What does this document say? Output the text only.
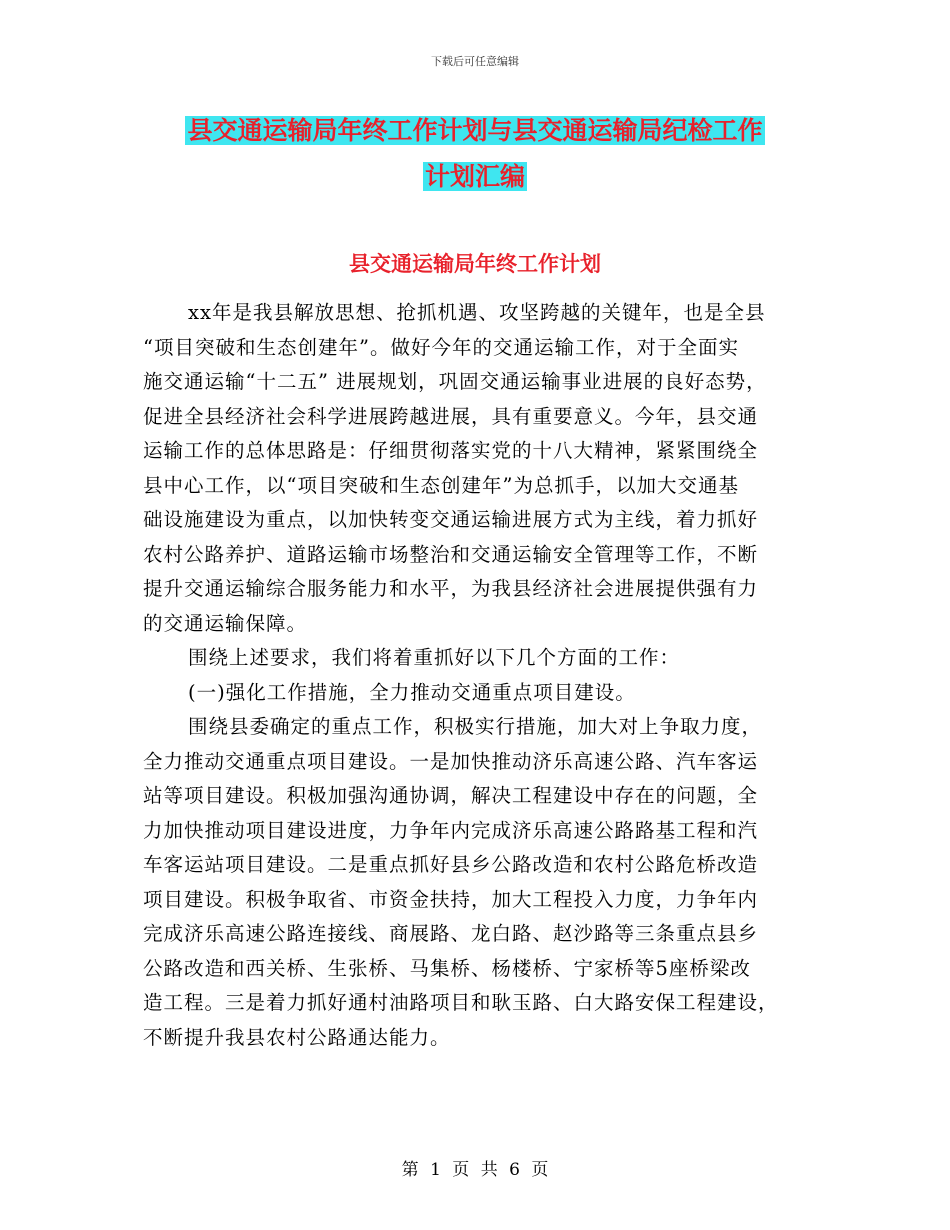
下载后可任意编辑
县交通运输局年终工作计划与县交通运输局纪检工作
计划汇编
县交通运输局年终工作计划
xx年是我县解放思想、抢抓机遇、攻坚跨越的关键年，也是全县
“项目突破和生态创建年”。做好今年的交通运输工作，对于全面实
施交通运输“十二五” 进展规划，巩固交通运输事业进展的良好态势，
促进全县经济社会科学进展跨越进展，具有重要意义。今年，县交通
运输工作的总体思路是：仔细贯彻落实党的十八大精神，紧紧围绕全
县中心工作，以“项目突破和生态创建年”为总抓手，以加大交通基
础设施建设为重点，以加快转变交通运输进展方式为主线，着力抓好
农村公路养护、道路运输市场整治和交通运输安全管理等工作，不断
提升交通运输综合服务能力和水平，为我县经济社会进展提供强有力
的交通运输保障。
围绕上述要求，我们将着重抓好以下几个方面的工作：
(一)强化工作措施，全力推动交通重点项目建设。
围绕县委确定的重点工作，积极实行措施，加大对上争取力度，
全力推动交通重点项目建设。一是加快推动济乐高速公路、汽车客运
站等项目建设。积极加强沟通协调，解决工程建设中存在的问题，全
力加快推动项目建设进度，力争年内完成济乐高速公路路基工程和汽
车客运站项目建设。二是重点抓好县乡公路改造和农村公路危桥改造
项目建设。积极争取省、市资金扶持，加大工程投入力度，力争年内
完成济乐高速公路连接线、商展路、龙白路、赵沙路等三条重点县乡
公路改造和西关桥、生张桥、马集桥、杨楼桥、宁家桥等5座桥梁改
造工程。三是着力抓好通村油路项目和耿玉路、白大路安保工程建设，
不断提升我县农村公路通达能力。
第 1 页 共 6 页
